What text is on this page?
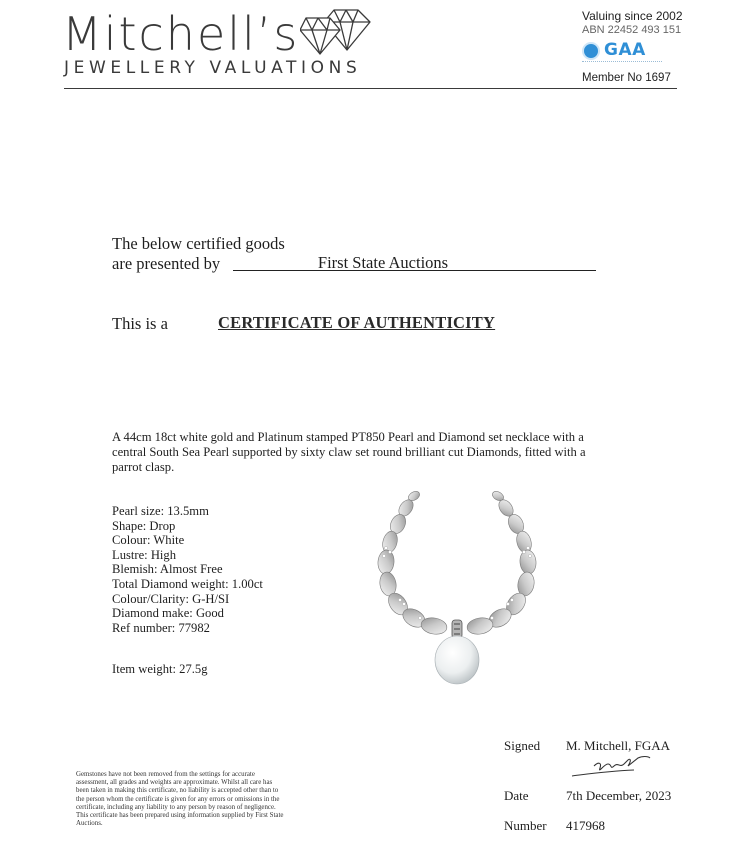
Mitchell’s
JEWELLERY VALUATIONS
Valuing since 2002
ABN 22452 493 151
GAA
Member No 1697
The below certified goods
are presented by	First State Auctions
This is a	CERTIFICATE OF AUTHENTICITY
A 44cm 18ct white gold and Platinum stamped PT850 Pearl and Diamond set necklace with a central South Sea Pearl supported by sixty claw set round brilliant cut Diamonds, fitted with a parrot clasp.
Pearl size: 13.5mm
Shape: Drop
Colour: White
Lustre: High
Blemish: Almost Free
Total Diamond weight: 1.00ct
Colour/Clarity: G-H/SI
Diamond make: Good
Ref number: 77982
Item weight: 27.5g
Signed M. Mitchell, FGAA
Date	7th December, 2023
Number 417968
Gemstones have not been removed from the settings for accurate assessment, all grades and weights are approximate. Whilst all care has been taken in making this certificate, no liability is accepted other than to the person whom the certificate is given for any errors or omissions in the certificate, including any liability to any person by reason of negligence. This certificate has been prepared using information supplied by First State Auctions.
